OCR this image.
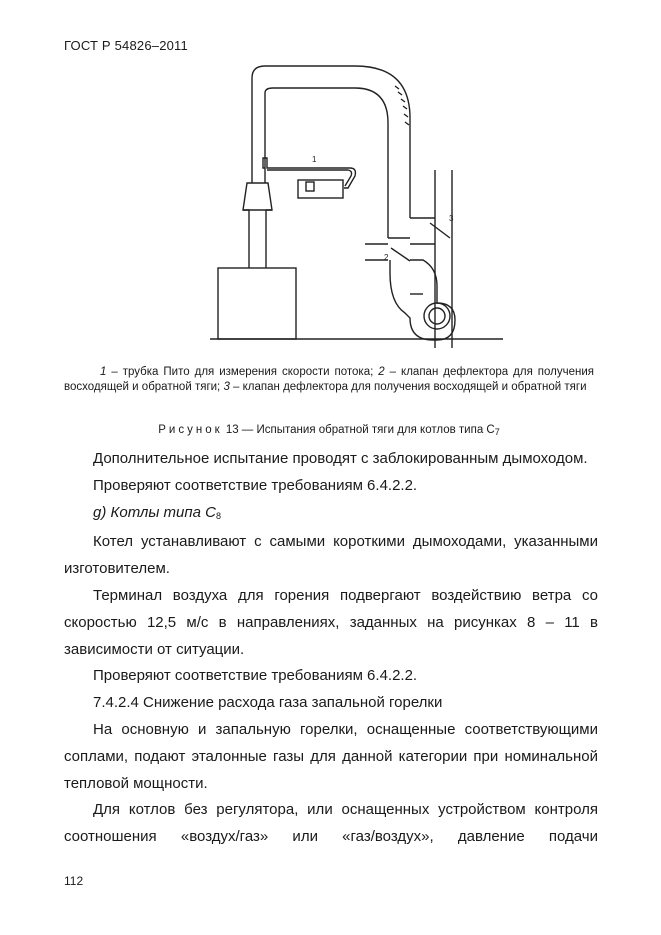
ГОСТ Р 54826–2011
1
3
2
1 – трубка Пито для измерения скорости потока; 2 – клапан дефлектора для получения восходящей и обратной тяги; 3 – клапан дефлектора для получения восходящей и обратной тяги
Рисунок 13 — Испытания обратной тяги для котлов типа $C_7$

Дополнительное испытание проводят с заблокированным дымоходом.

Проверяют соответствие требованиям 6.4.2.2.

g) Котлы типа $C_8$

Котел устанавливают с самыми короткими дымоходами, указанными изготовителем.

Терминал воздуха для горения подвергают воздействию ветра со скоростью 12,5 м/с в направлениях, заданных на рисунках 8 – 11 в зависимости от ситуации.

Проверяют соответствие требованиям 6.4.2.2.

7.4.2.4 Снижение расхода газа запальной горелки

На основную и запальную горелки, оснащенные соответствующими соплами, подают эталонные газы для данной категории при номинальной тепловой мощности.

Для котлов без регулятора, или оснащенных устройством контроля соотношения «воздух/газ» или «газ/воздух», давление подачи

112
